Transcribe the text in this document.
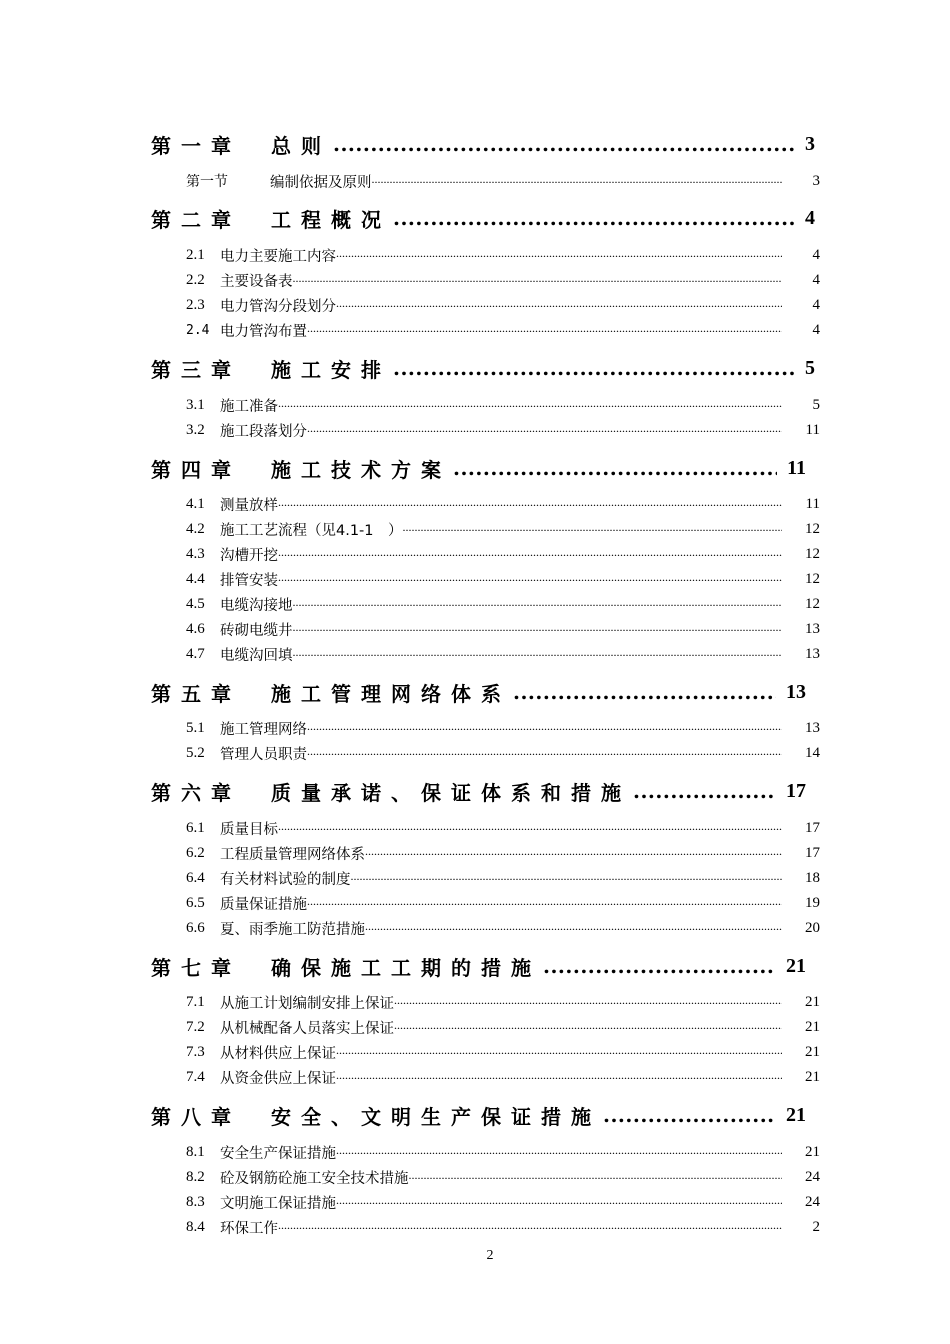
第一章　总则 .....	3
第一节	编制依据及原则 .....	3
第二章　工程概况 .....	4
2.1	电力主要施工内容 .....	4
2.2	主要设备表 .....	4
2.3	电力管沟分段划分 .....	4
2.4 电力管沟布置 .....	4
第三章　施工安排 .....	5
3.1	施工准备 .....	5
3.2	施工段落划分 .....	11
第四章　施工技术方案 .....	11
4.1	测量放样 .....	11
4.2	施工工艺流程（见4.1-1　） .....	12
4.3	沟槽开挖 .....	12
4.4	排管安装 .....	12
4.5	电缆沟接地 .....	12
4.6	砖砌电缆井 .....	13
4.7	电缆沟回填 .....	13
第五章　施工管理网络体系 .....	13
5.1	施工管理网络 .....	13
5.2	管理人员职责 .....	14
第六章　质量承诺、保证体系和措施 .....	17
6.1	质量目标 .....	17
6.2	工程质量管理网络体系 .....	17
6.4	有关材料试验的制度 .....	18
6.5	质量保证措施 .....	19
6.6	夏、雨季施工防范措施 .....	20
第七章　确保施工工期的措施 .....	21
7.1	从施工计划编制安排上保证 .....	21
7.2	从机械配备人员落实上保证 .....	21
7.3	从材料供应上保证 .....	21
7.4	从资金供应上保证 .....	21
第八章　安全、文明生产保证措施 .....	21
8.1	安全生产保证措施 .....	21
8.2	砼及钢筋砼施工安全技术措施 .....	24
8.3	文明施工保证措施 .....	24
8.4	环保工作 .....	2
2
